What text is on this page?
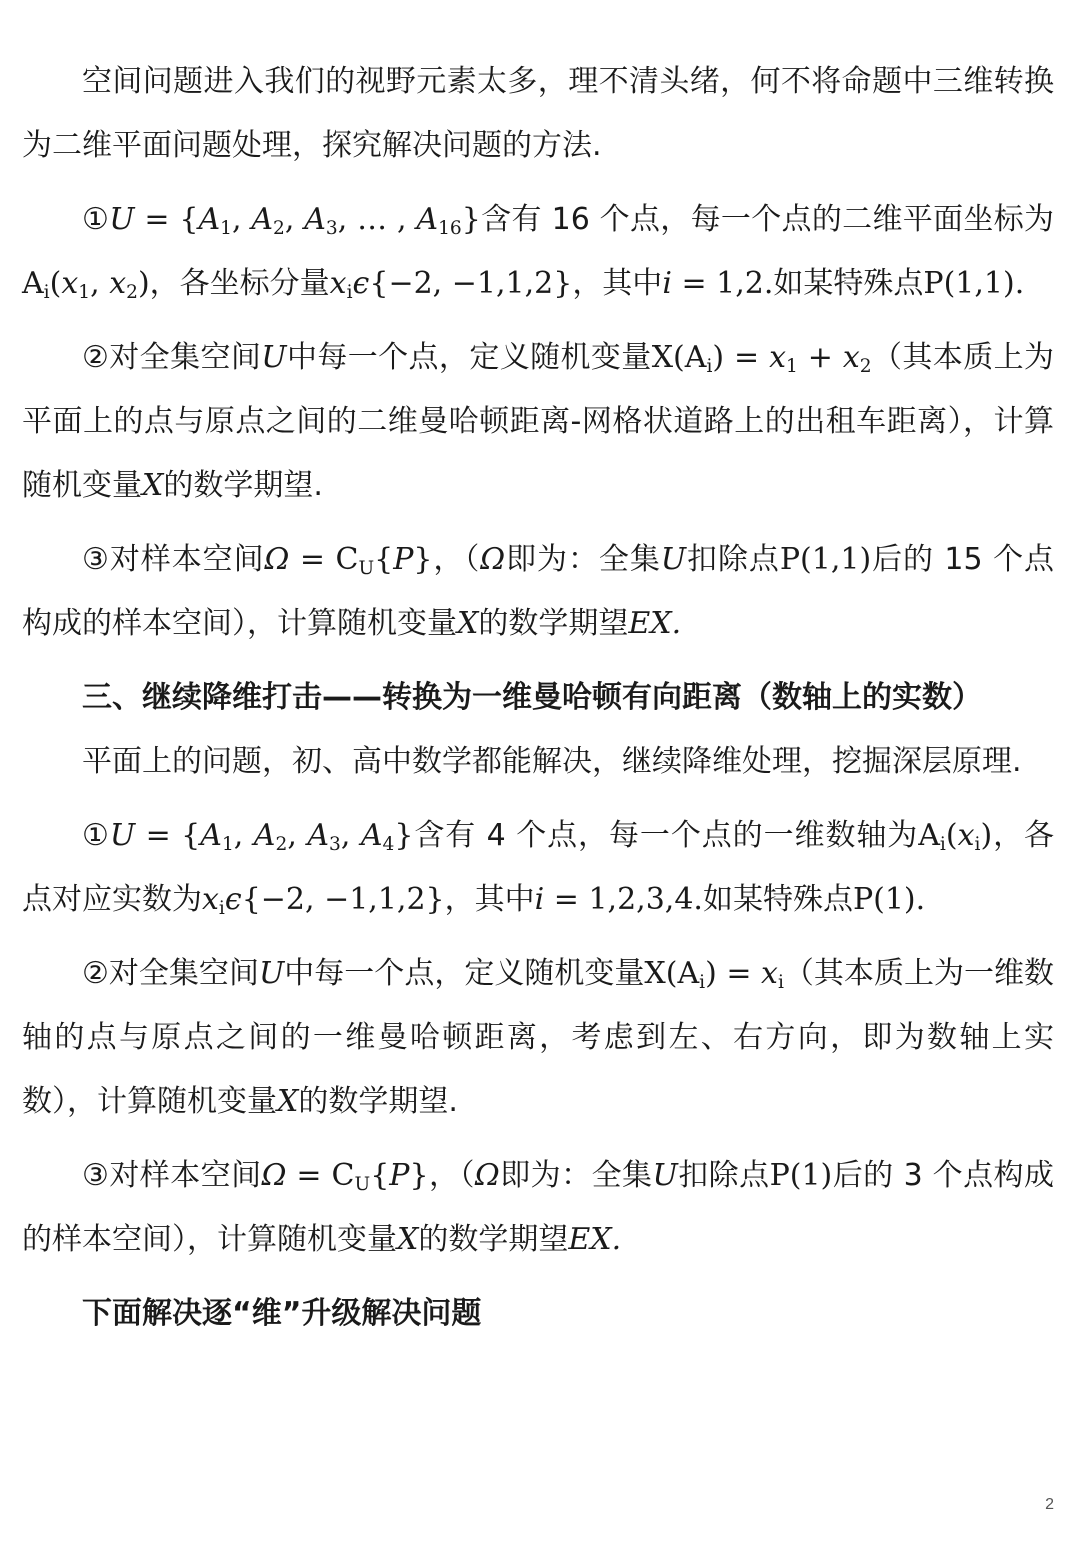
空间问题进入我们的视野元素太多，理不清头绪，何不将命题中三维转换为二维平面问题处理，探究解决问题的方法.

①U = {$A_1$, $A_2$, $A_3$, … , $A_{16}$}含有 16 个点，每一个点的二维平面坐标为$A_i(x_1$, $x_2$)，各坐标分量$x_i\epsilon\{-2$, −1,1,2}，其中i = 1,2.如某特殊点P(1,1).

②对全集空间U中每一个点，定义随机变量$X(A_i) = x_1 + x_2$（其本质上为平面上的点与原点之间的二维曼哈顿距离-网格状道路上的出租车距离），计算随机变量X的数学期望.

③对样本空间$\Omega = C_U\{P\}$，（Ω即为：全集U扣除点P(1,1)后的 15 个点构成的样本空间），计算随机变量X的数学期望EX.

三、继续降维打击——转换为一维曼哈顿有向距离（数轴上的实数）

平面上的问题，初、高中数学都能解决，继续降维处理，挖掘深层原理.

①U = {$A_1$, $A_2$, $A_3$, $A_4$}含有 4 个点，每一个点的一维数轴为$A_i(x_i)$，各点对应实数为$x_i\epsilon\{-2$, −1,1,2}，其中i = 1,2,3,4.如某特殊点P(1).

②对全集空间U中每一个点，定义随机变量$X(A_i) = x_i$（其本质上为一维数轴的点与原点之间的一维曼哈顿距离，考虑到左、右方向，即为数轴上实数），计算随机变量X的数学期望.

③对样本空间$\Omega = C_U\{P\}$，（Ω即为：全集U扣除点P(1)后的 3 个点构成的样本空间），计算随机变量X的数学期望EX.

下面解决逐“维”升级解决问题

2
